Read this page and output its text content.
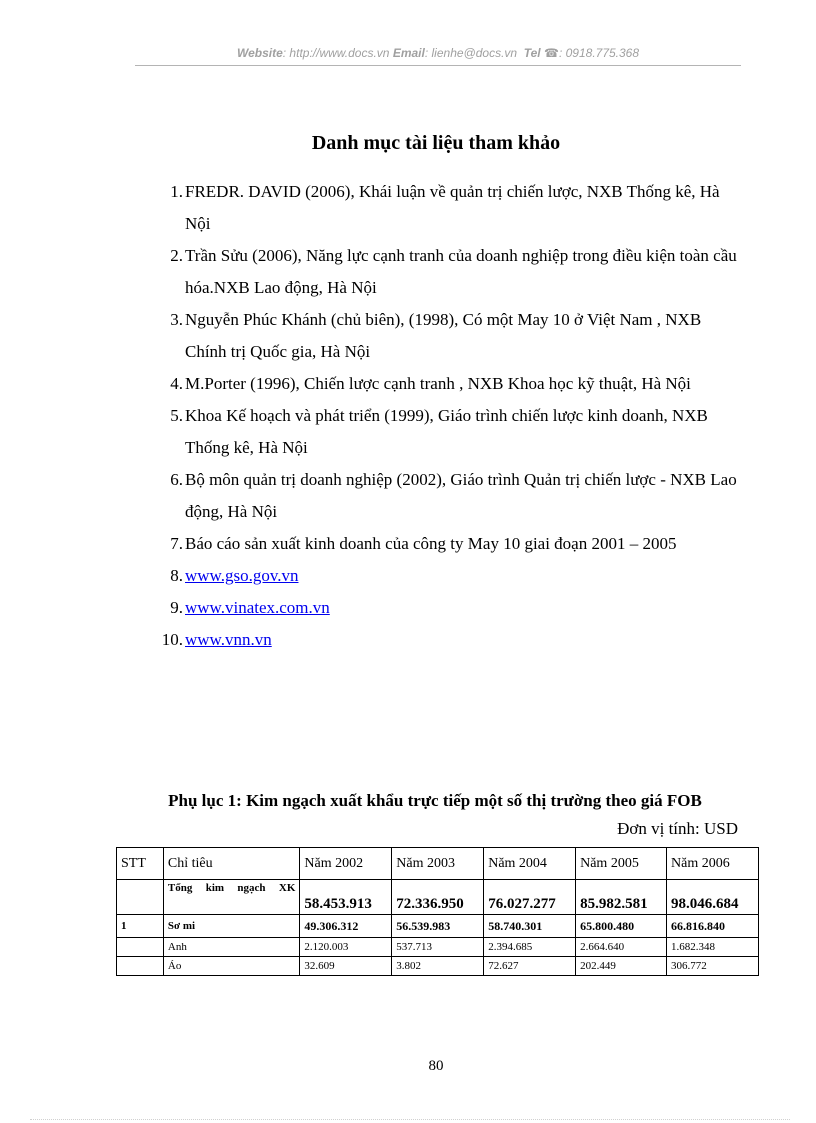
Website: http://www.docs.vn Email: lienhe@docs.vn Tel ☎: 0918.775.368
Danh mục tài liệu tham khảo
1. FREDR. DAVID (2006), Khái luận về quản trị chiến lược, NXB Thống kê, Hà Nội
2. Trần Sửu (2006), Năng lực cạnh tranh của doanh nghiệp trong điều kiện toàn cầu hóa.NXB Lao động, Hà Nội
3. Nguyễn Phúc Khánh (chủ biên), (1998), Có một May 10 ở Việt Nam , NXB Chính trị Quốc gia, Hà Nội
4. M.Porter (1996), Chiến lược cạnh tranh , NXB Khoa học kỹ thuật, Hà Nội
5. Khoa Kế hoạch và phát triển (1999), Giáo trình chiến lược kinh doanh, NXB Thống kê, Hà Nội
6. Bộ môn quản trị doanh nghiệp (2002), Giáo trình Quản trị chiến lược - NXB Lao động, Hà Nội
7. Báo cáo sản xuất kinh doanh của công ty May 10 giai đoạn 2001 – 2005
8. www.gso.gov.vn
9. www.vinatex.com.vn
10. www.vnn.vn
Phụ lục 1: Kim ngạch xuất khẩu trực tiếp một số thị trường theo giá FOB
Đơn vị tính: USD
STT	Chỉ tiêu	Năm 2002	Năm 2003	Năm 2004	Năm 2005	Năm 2006
	Tổng kim ngạch XK	58.453.913	72.336.950	76.027.277	85.982.581	98.046.684
1	Sơ mi	49.306.312	56.539.983	58.740.301	65.800.480	66.816.840
	Anh	2.120.003	537.713	2.394.685	2.664.640	1.682.348
	Áo	32.609	3.802	72.627	202.449	306.772
80
